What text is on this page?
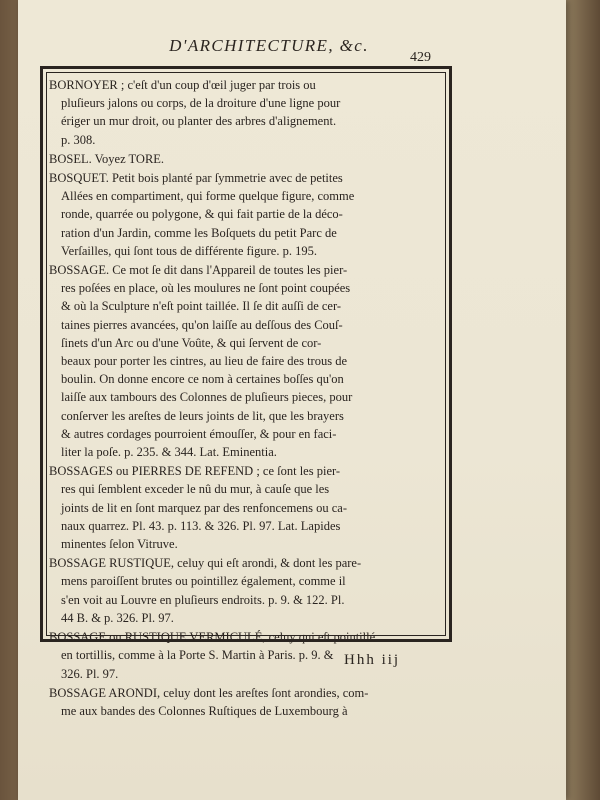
D'ARCHITECTURE, &c.
429
BORNOYER ; c'eſt d'un coup d'œil juger par trois ou
pluſieurs jalons ou corps, de la droiture d'une ligne pour
ériger un mur droit, ou planter des arbres d'alignement.
p. 308.
BOSEL. Voyez TORE.
BOSQUET. Petit bois planté par ſymmetrie avec de petites
Allées en compartiment, qui forme quelque figure, comme
ronde, quarrée ou polygone, & qui fait partie de la déco-
ration d'un Jardin, comme les Boſquets du petit Parc de
Verſailles, qui ſont tous de différente figure. p. 195.
BOSSAGE. Ce mot ſe dit dans l'Appareil de toutes les pier-
res poſées en place, où les moulures ne ſont point coupées
& où la Sculpture n'eſt point taillée. Il ſe dit auſſi de cer-
taines pierres avancées, qu'on laiſſe au deſſous des Couſ-
ſinets d'un Arc ou d'une Voûte, & qui ſervent de cor-
beaux pour porter les cintres, au lieu de faire des trous de
boulin. On donne encore ce nom à certaines boſſes qu'on
laiſſe aux tambours des Colonnes de pluſieurs pieces, pour
conſerver les areſtes de leurs joints de lit, que les brayers
& autres cordages pourroient émouſſer, & pour en faci-
liter la poſe. p. 235. & 344. Lat. Eminentia.
BOSSAGES ou PIERRES DE REFEND ; ce ſont les pier-
res qui ſemblent exceder le nû du mur, à cauſe que les
joints de lit en ſont marquez par des renfoncemens ou ca-
naux quarrez. Pl. 43. p. 113. & 326. Pl. 97. Lat. Lapides
minentes ſelon Vitruve.
BOSSAGE RUSTIQUE, celuy qui eſt arondi, & dont les pare-
mens paroiſſent brutes ou pointillez également, comme il
s'en voit au Louvre en pluſieurs endroits. p. 9. & 122. Pl.
44 B. & p. 326. Pl. 97.
BOSSAGE ou RUSTIQUE VERMICULÉ, celuy qui eſt pointillé
en tortillis, comme à la Porte S. Martin à Paris. p. 9. &
326. Pl. 97.
BOSSAGE ARONDI, celuy dont les areſtes ſont arondies, com-
me aux bandes des Colonnes Ruſtiques de Luxembourg à
Hhh iij
